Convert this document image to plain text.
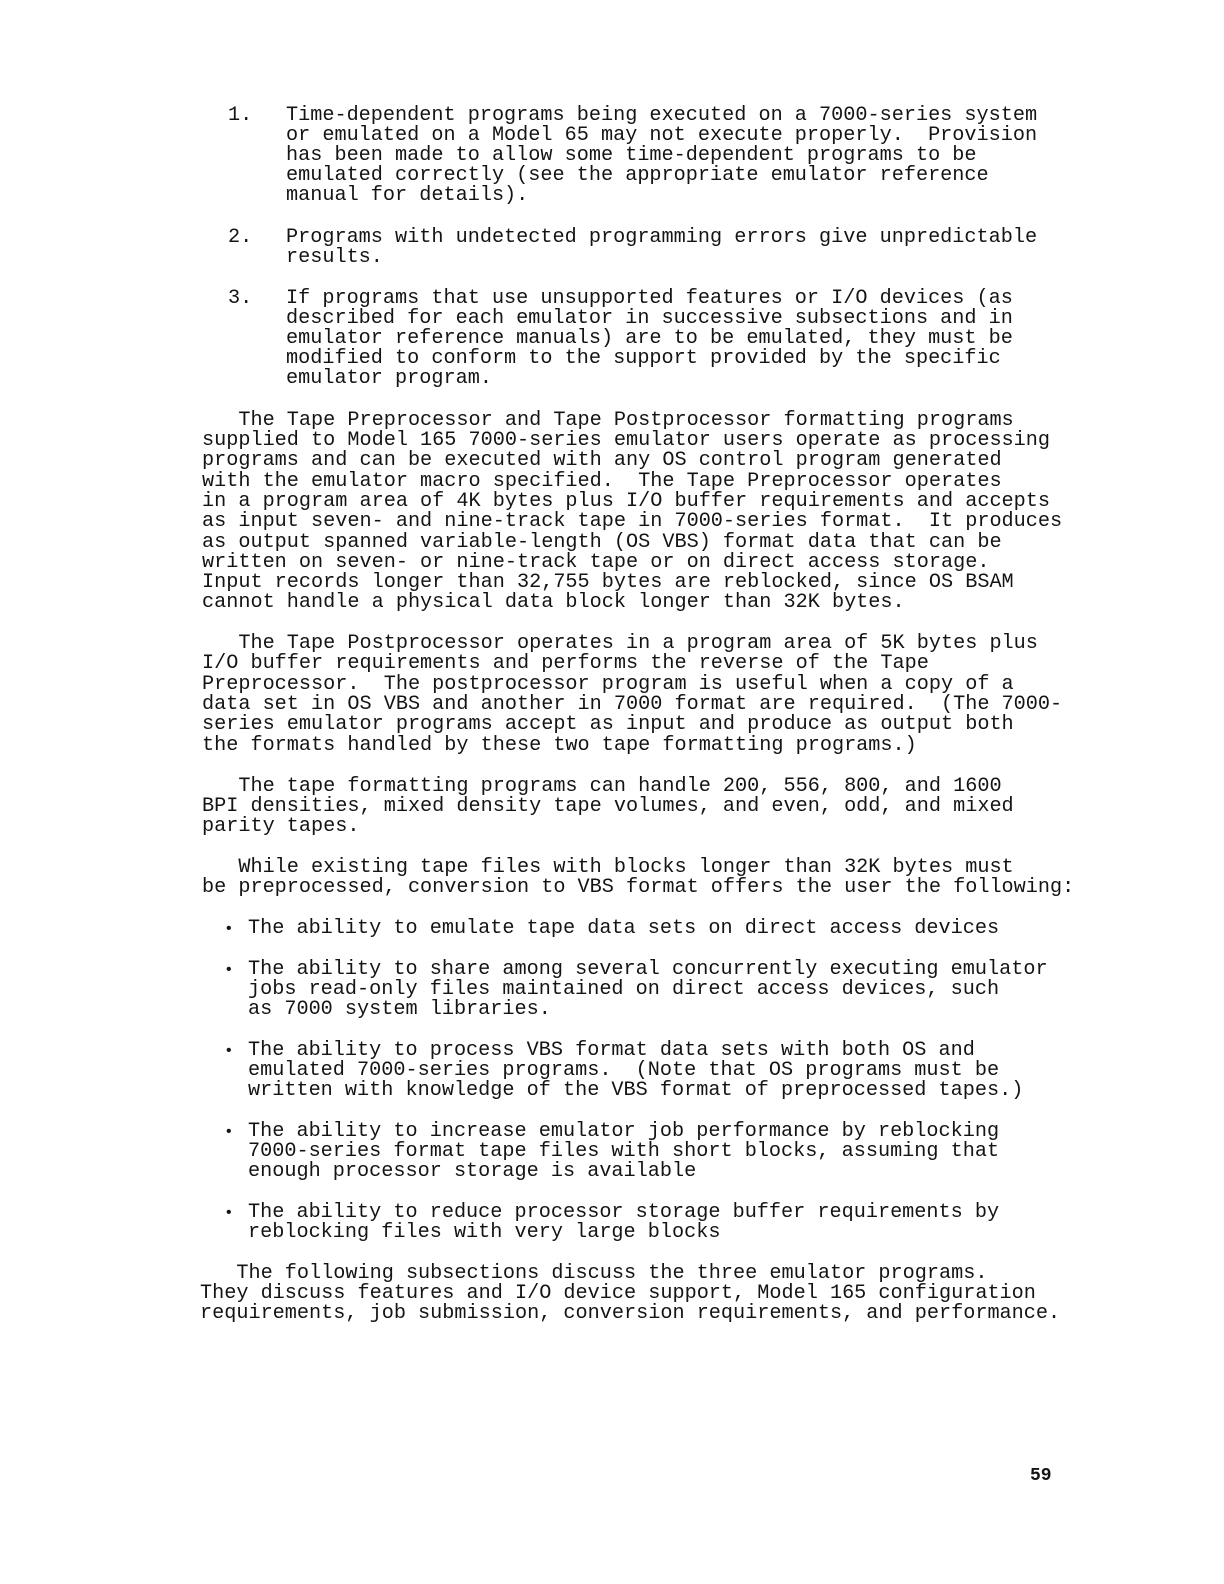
1. Time-dependent programs being executed on a 7000-series system
or emulated on a Model 65 may not execute properly.  Provision
has been made to allow some time-dependent programs to be
emulated correctly (see the appropriate emulator reference
manual for details).
2. Programs with undetected programming errors give unpredictable
results.
3. If programs that use unsupported features or I/O devices (as
described for each emulator in successive subsections and in
emulator reference manuals) are to be emulated, they must be
modified to conform to the support provided by the specific
emulator program.
The Tape Preprocessor and Tape Postprocessor formatting programs
supplied to Model 165 7000-series emulator users operate as processing
programs and can be executed with any OS control program generated
with the emulator macro specified.  The Tape Preprocessor operates
in a program area of 4K bytes plus I/O buffer requirements and accepts
as input seven- and nine-track tape in 7000-series format.  It produces
as output spanned variable-length (OS VBS) format data that can be
written on seven- or nine-track tape or on direct access storage.
Input records longer than 32,755 bytes are reblocked, since OS BSAM
cannot handle a physical data block longer than 32K bytes.
The Tape Postprocessor operates in a program area of 5K bytes plus
I/O buffer requirements and performs the reverse of the Tape
Preprocessor.  The postprocessor program is useful when a copy of a
data set in OS VBS and another in 7000 format are required.  (The 7000-
series emulator programs accept as input and produce as output both
the formats handled by these two tape formatting programs.)
The tape formatting programs can handle 200, 556, 800, and 1600
BPI densities, mixed density tape volumes, and even, odd, and mixed
parity tapes.
While existing tape files with blocks longer than 32K bytes must
be preprocessed, conversion to VBS format offers the user the following:
• The ability to emulate tape data sets on direct access devices
• The ability to share among several concurrently executing emulator
jobs read-only files maintained on direct access devices, such
as 7000 system libraries.
• The ability to process VBS format data sets with both OS and
emulated 7000-series programs.  (Note that OS programs must be
written with knowledge of the VBS format of preprocessed tapes.)
• The ability to increase emulator job performance by reblocking
7000-series format tape files with short blocks, assuming that
enough processor storage is available
• The ability to reduce processor storage buffer requirements by
reblocking files with very large blocks
The following subsections discuss the three emulator programs.
They discuss features and I/O device support, Model 165 configuration
requirements, job submission, conversion requirements, and performance.
59
